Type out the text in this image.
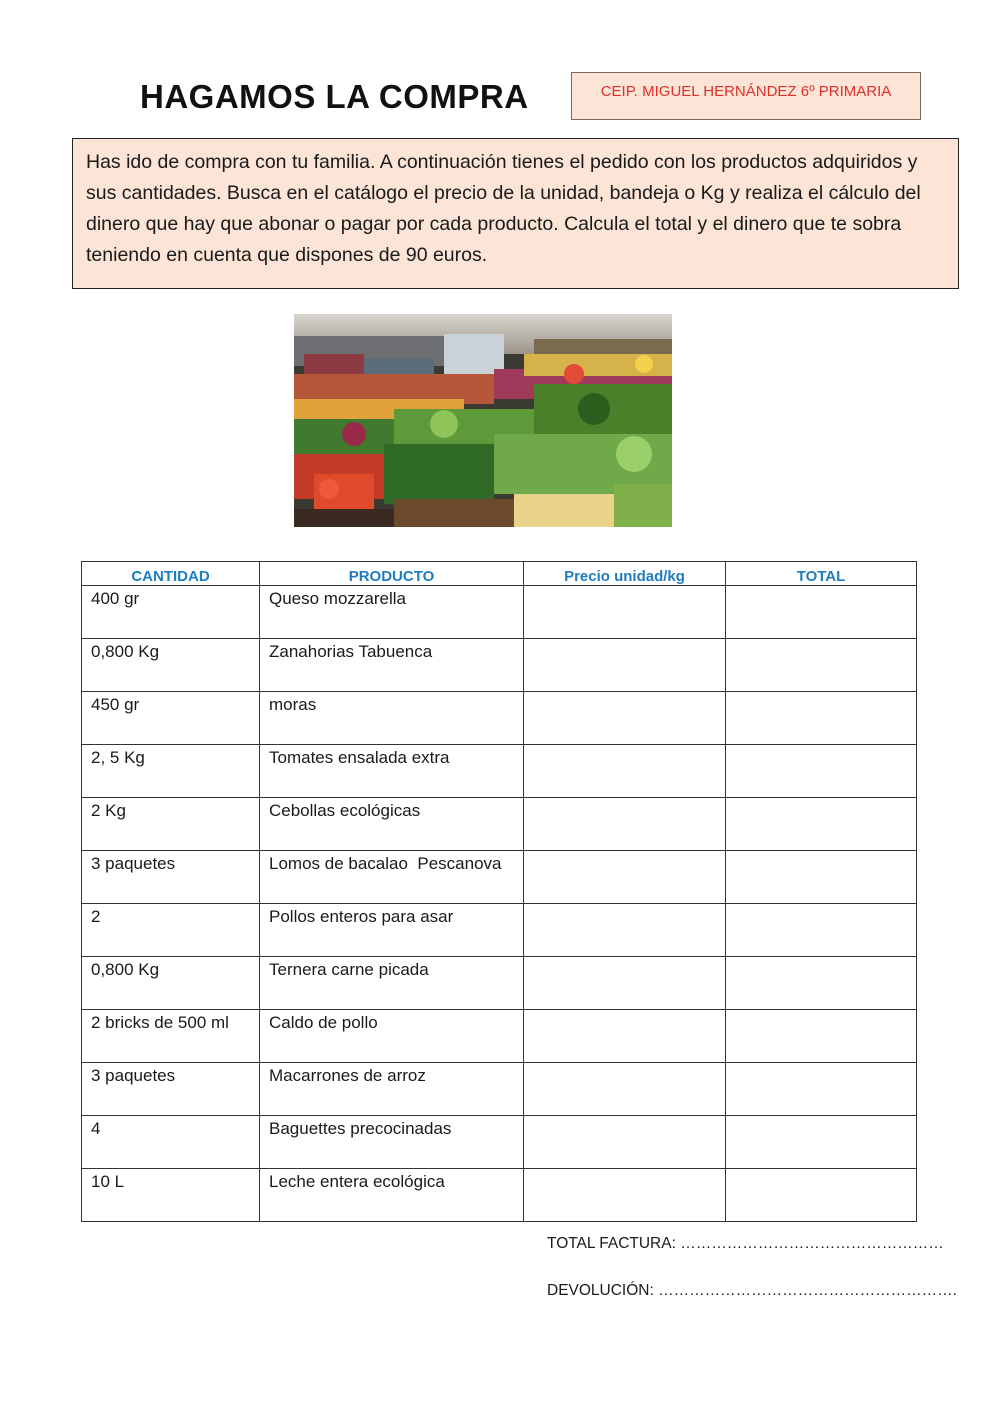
HAGAMOS LA COMPRA	CEIP. MIGUEL HERNÁNDEZ 6º PRIMARIA
Has ido de compra con tu familia. A continuación tienes el pedido con los productos adquiridos y sus cantidades. Busca en el catálogo el precio de la unidad, bandeja o Kg y realiza el cálculo del dinero que hay que abonar o pagar por cada producto. Calcula el total y el dinero que te sobra teniendo en cuenta que dispones de 90 euros.
CANTIDAD	PRODUCTO	Precio unidad/kg	TOTAL
400 gr	Queso mozzarella		
0,800 Kg	Zanahorias Tabuenca		
450 gr	moras		
2, 5 Kg	Tomates ensalada extra		
2 Kg	Cebollas ecológicas		
3 paquetes	Lomos de bacalao  Pescanova		
2	Pollos enteros para asar		
0,800 Kg	Ternera carne picada		
2 bricks de 500 ml	Caldo de pollo		
3 paquetes	Macarrones de arroz		
4	Baguettes precocinadas		
10 L	Leche entera ecológica		
TOTAL FACTURA: ……………………………………………
DEVOLUCIÓN: ………………………………………………….
